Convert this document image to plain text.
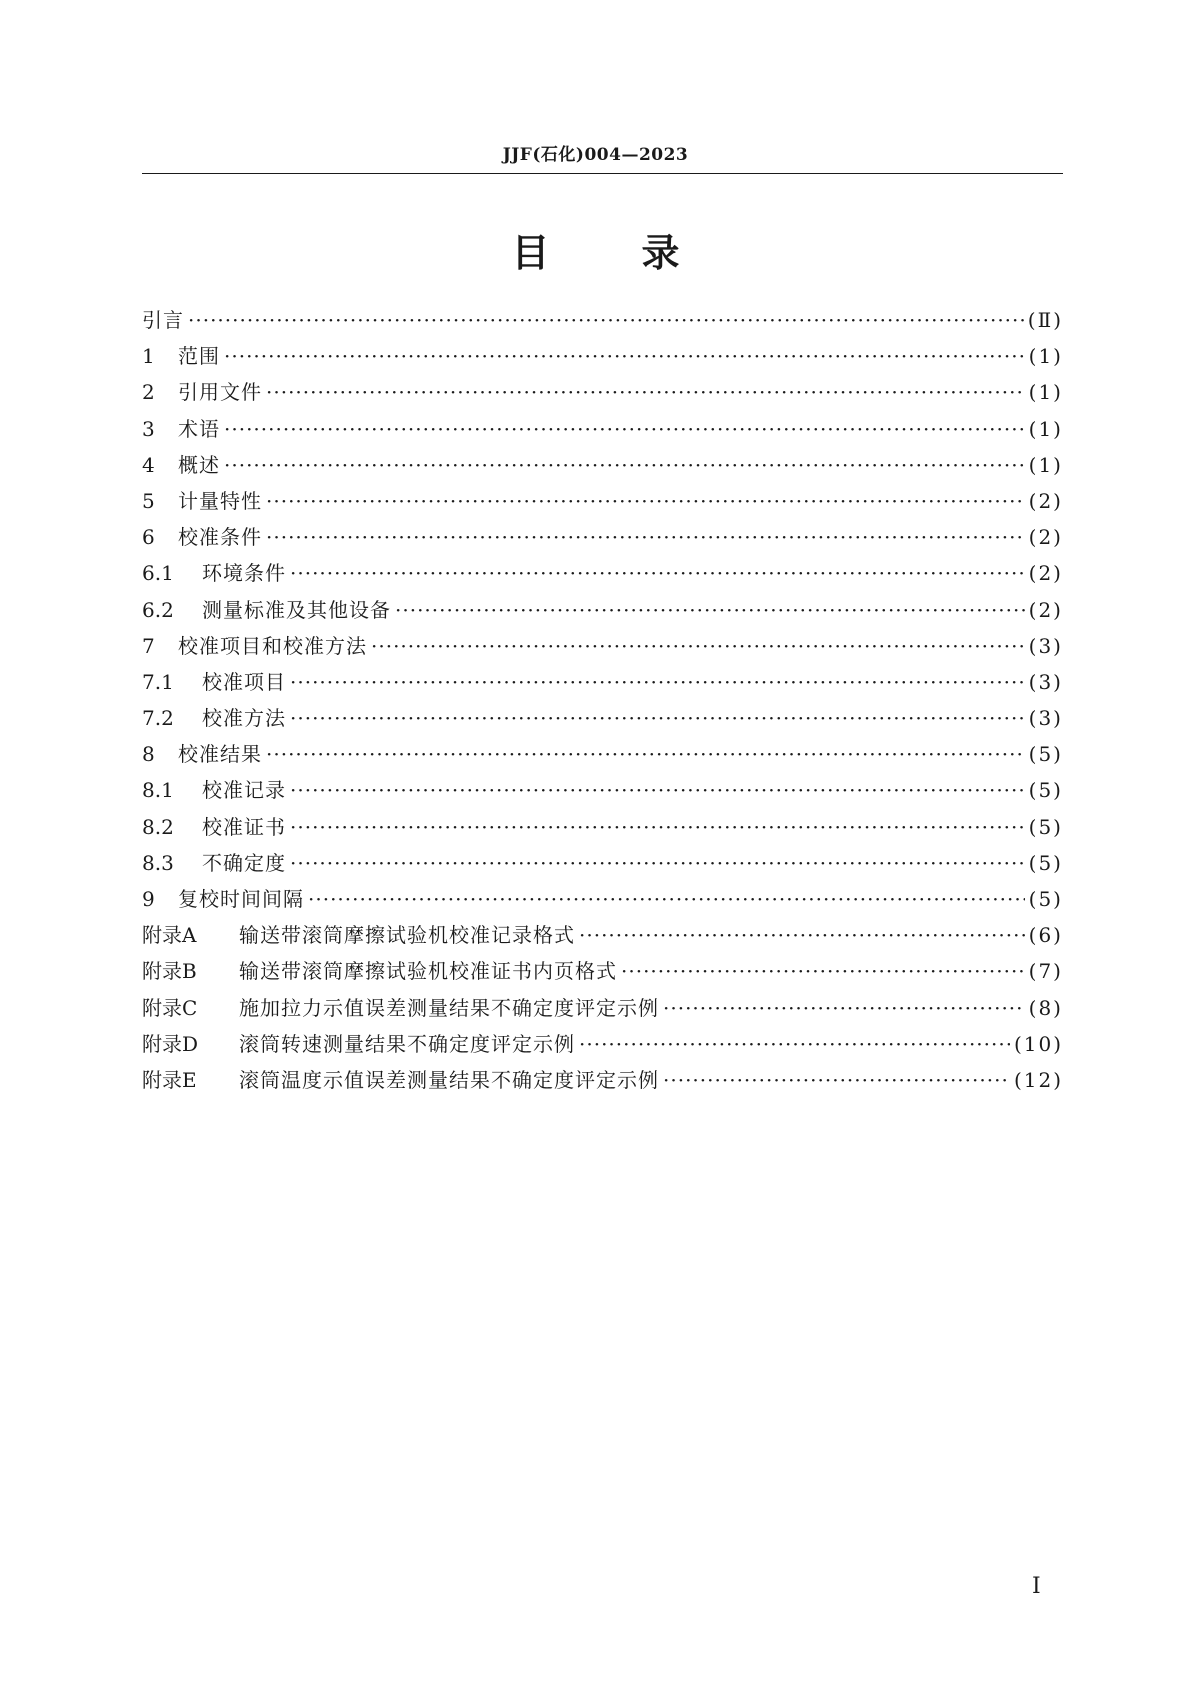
JJF(石化)004—2023
目 录
引言 ·····	(Ⅱ)
1	范围 ·····	(1)
2	引用文件 ·····	(1)
3	术语 ·····	(1)
4	概述 ·····	(1)
5	计量特性 ·····	(2)
6	校准条件 ·····	(2)
6.1	环境条件 ·····	(2)
6.2	测量标准及其他设备 ·····	(2)
7	校准项目和校准方法 ·····	(3)
7.1	校准项目 ·····	(3)
7.2	校准方法 ·····	(3)
8	校准结果 ·····	(5)
8.1	校准记录 ·····	(5)
8.2	校准证书 ·····	(5)
8.3	不确定度 ·····	(5)
9	复校时间间隔 ·····	(5)
附录A	输送带滚筒摩擦试验机校准记录格式 ·····	(6)
附录B	输送带滚筒摩擦试验机校准证书内页格式 ·····	(7)
附录C	施加拉力示值误差测量结果不确定度评定示例 ·····	(8)
附录D	滚筒转速测量结果不确定度评定示例 ·····	(10)
附录E	滚筒温度示值误差测量结果不确定度评定示例 ·····	(12)
I
